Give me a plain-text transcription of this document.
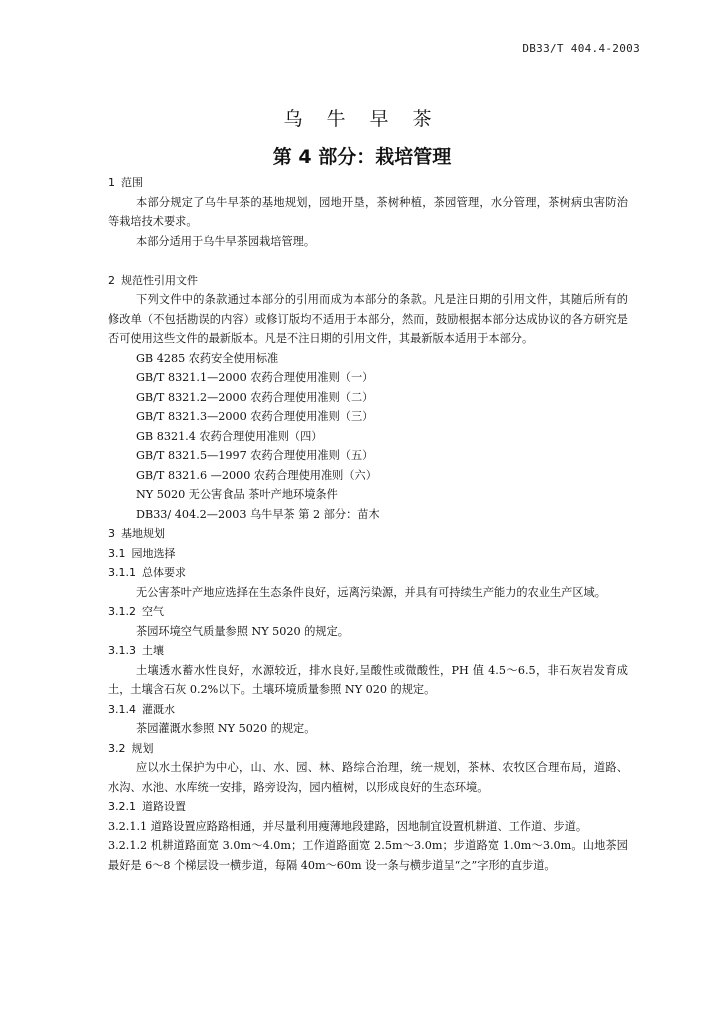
DB33/T 404.4-2003
乌 牛 早 茶
第 4 部分：栽培管理
1 范围
本部分规定了乌牛早茶的基地规划，园地开垦，茶树种植，茶园管理，水分管理，茶树病虫害防治等栽培技术要求。
本部分适用于乌牛早茶园栽培管理。
2 规范性引用文件
下列文件中的条款通过本部分的引用而成为本部分的条款。凡是注日期的引用文件，其随后所有的修改单（不包括勘误的内容）或修订版均不适用于本部分，然而，鼓励根据本部分达成协议的各方研究是否可使用这些文件的最新版本。凡是不注日期的引用文件，其最新版本适用于本部分。
GB 4285 农药安全使用标准
GB/T 8321.1—2000 农药合理使用准则（一）
GB/T 8321.2—2000 农药合理使用准则（二）
GB/T 8321.3—2000 农药合理使用准则（三）
GB 8321.4 农药合理使用准则（四）
GB/T 8321.5—1997 农药合理使用准则（五）
GB/T 8321.6 —2000 农药合理使用准则（六）
NY 5020 无公害食品 茶叶产地环境条件
DB33/ 404.2—2003 乌牛早茶 第 2 部分：苗木
3 基地规划
3.1 园地选择
3.1.1 总体要求
无公害茶叶产地应选择在生态条件良好，远离污染源，并具有可持续生产能力的农业生产区域。
3.1.2 空气
茶园环境空气质量参照 NY 5020 的规定。
3.1.3 土壤
土壤透水蓄水性良好，水源较近，排水良好,呈酸性或微酸性，PH 值 4.5～6.5，非石灰岩发育成土，土壤含石灰 0.2%以下。土壤环境质量参照 NY 020 的规定。
3.1.4 灌溉水
茶园灌溉水参照 NY 5020 的规定。
3.2 规划
应以水土保护为中心，山、水、园、林、路综合治理，统一规划，茶林、农牧区合理布局，道路、水沟、水池、水库统一安排，路旁设沟，园内植树，以形成良好的生态环境。
3.2.1 道路设置
3.2.1.1 道路设置应路路相通，并尽量利用瘦薄地段建路，因地制宜设置机耕道、工作道、步道。
3.2.1.2 机耕道路面宽 3.0m～4.0m；工作道路面宽 2.5m～3.0m；步道路宽 1.0m～3.0m。山地茶园最好是 6～8 个梯层设一横步道，每隔 40m～60m 设一条与横步道呈“之”字形的直步道。
